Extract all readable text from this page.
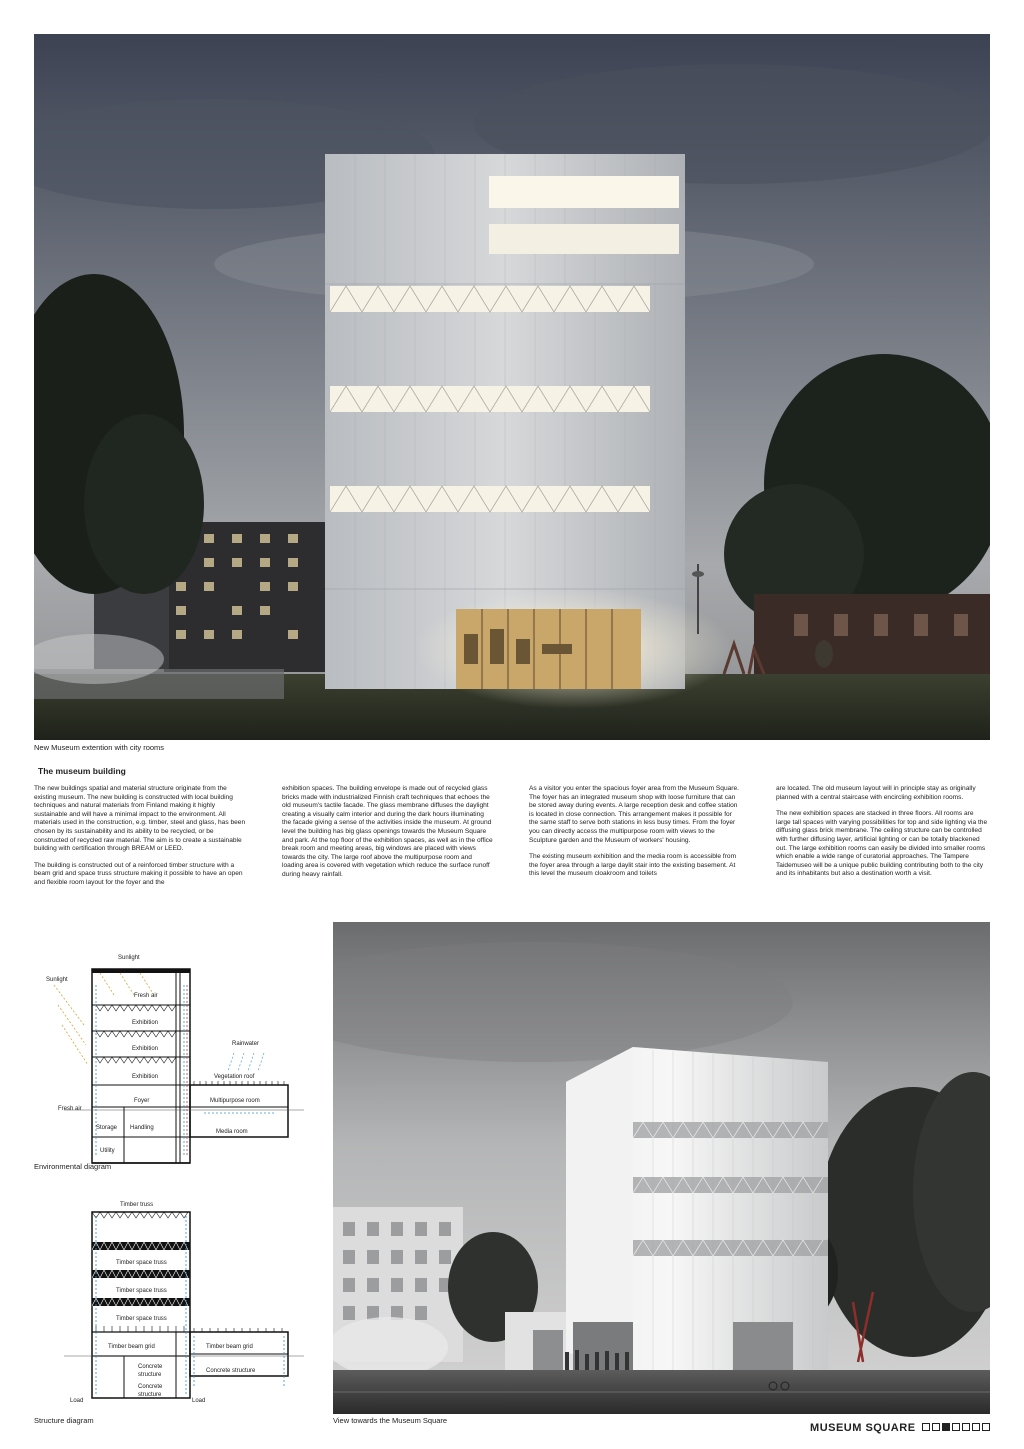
New Museum extention with city rooms
The museum building

The new buildings spatial and material structure originate from the existing museum. The new building is constructed with local building techniques and natural materials from Finland making it highly sustainable and will have a minimal impact to the environment. All materials used in the construction, e.g. timber, steel and glass, has been chosen by its sustainability and its ability to be recycled, or be constructed of recycled raw material. The aim is to create a sustainable building with certification through BREAM or LEED.

The building is constructed out of a reinforced timber structure with a beam grid and space truss structure making it possible to have an open and flexible room layout for the foyer and the

exhibition spaces. The building envelope is made out of recycled glass bricks made with industrialized Finnish craft techniques that echoes the old museum's tactile facade. The glass membrane diffuses the daylight creating a visually calm interior and during the dark hours illuminating the facade giving a sense of the activities inside the museum. At ground level the building has big glass openings towards the Museum Square and park. At the top floor of the exhibition spaces, as well as in the office break room and meeting areas, big windows are placed with views towards the city. The large roof above the multipurpose room and loading area is covered with vegetation which reduce the surface runoff during heavy rainfall.

As a visitor you enter the spacious foyer area from the Museum Square. The foyer has an integrated museum shop with loose furniture that can be stored away during events. A large reception desk and coffee station is located in close connection. This arrangement makes it possible for the same staff to serve both stations in less busy times. From the foyer you can directly access the multipurpose room with views to the Sculpture garden and the Museum of workers' housing.

The existing museum exhibition and the media room is accessible from the foyer area through a large daylit stair into the existing basement. At this level the museum cloakroom and toilets

are located. The old museum layout will in principle stay as originally planned with a central staircase with encircling exhibition rooms.

The new exhibition spaces are stacked in three floors. All rooms are large tall spaces with varying possibilities for top and side lighting via the diffusing glass brick membrane. The ceiling structure can be controlled with further diffusing layer, artificial lighting or can be totally blackened out. The large exhibition rooms can easily be divided into smaller rooms which enable a wide range of curatorial approaches. The Tampere Taidemuseo will be a unique public building contributing both to the city and its inhabitants but also a destination worth a visit.

Sunlight
Sunlight
Fresh air
Exhibition
Exhibition
Exhibition
Rainwater
Vegetation roof
Fresh air
Foyer	Multipurpose room
Storage Handling
Media room
Utility
Environmental diagram
Timber truss
Timber space truss
Timber space truss
Timber space truss
Timber beam grid	Timber beam grid
Concrete
structure
Concrete
structure
Concrete structure
Load	Load
Structure diagram	View towards the Museum Square
MUSEUM SQUARE
